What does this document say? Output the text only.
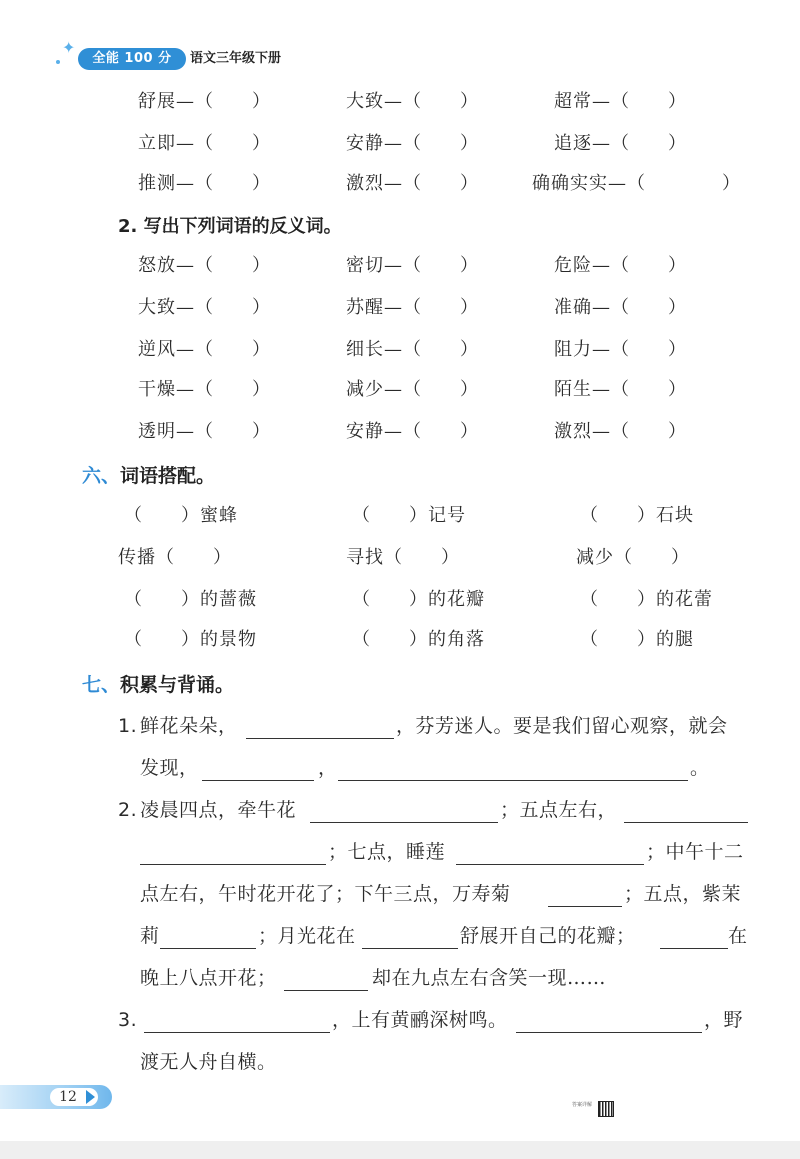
✦
全能 100 分	语文三年级下册
舒展—（　　）	大致—（　　）	超常—（　　）
立即—（　　）	安静—（　　）	追逐—（　　）
推测—（　　）	激烈—（　　）	确确实实—（　　　　）
2. 写出下列词语的反义词。
怒放—（　　）	密切—（　　）	危险—（　　）
大致—（　　）	苏醒—（　　）	准确—（　　）
逆风—（　　）	细长—（　　）	阻力—（　　）
干燥—（　　）	减少—（　　）	陌生—（　　）
透明—（　　）	安静—（　　）	激烈—（　　）
六、词语搭配。
（　　）蜜蜂	（　　）记号	（　　）石块
传播（　　）	寻找（　　）	减少（　　）
（　　）的蔷薇	（　　）的花瓣	（　　）的花蕾
（　　）的景物	（　　）的角落	（　　）的腿
七、积累与背诵。
1. 鲜花朵朵，	，芬芳迷人。要是我们留心观察，就会
发现，	，	。
2. 凌晨四点，牵牛花	；五点左右，
；七点，睡莲	；中午十二
点左右，午时花开花了；下午三点，万寿菊	；五点，紫茉
莉	；月光花在	舒展开自己的花瓣；	在
晚上八点开花；	却在九点左右含笑一现……
3.	，上有黄鹂深树鸣。	，野
渡无人舟自横。
12	答案详解
